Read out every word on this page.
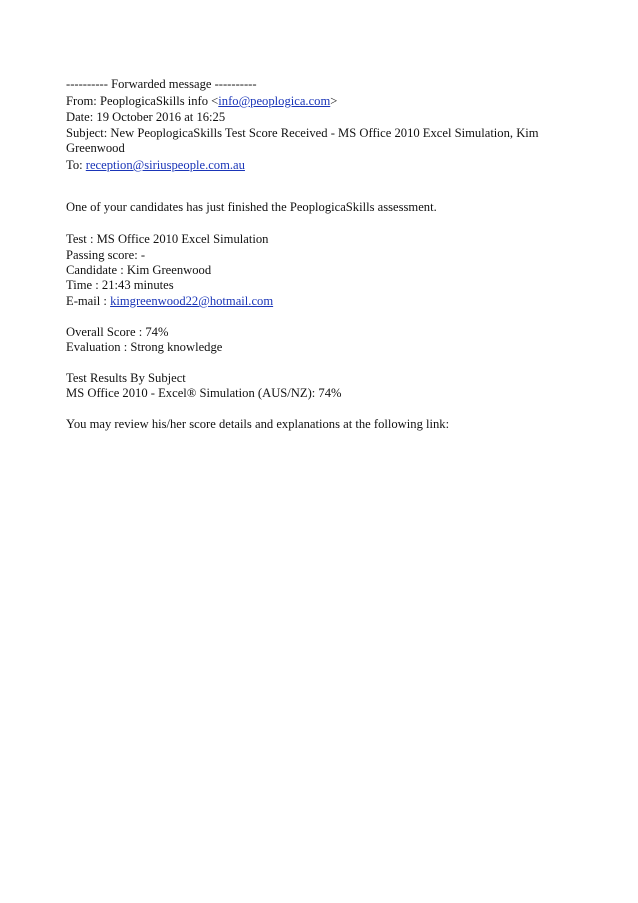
---------- Forwarded message ----------
From: PeoplogicaSkills info <info@peoplogica.com>
Date: 19 October 2016 at 16:25
Subject: New PeoplogicaSkills Test Score Received - MS Office 2010 Excel Simulation, Kim Greenwood
To: reception@siriuspeople.com.au
One of your candidates has just finished the PeoplogicaSkills assessment.
Test : MS Office 2010 Excel Simulation
Passing score: -
Candidate : Kim Greenwood
Time : 21:43 minutes
E-mail : kimgreenwood22@hotmail.com
Overall Score : 74%
Evaluation : Strong knowledge
Test Results By Subject
MS Office 2010 - Excel® Simulation (AUS/NZ): 74%
You may review his/her score details and explanations at the following link:
